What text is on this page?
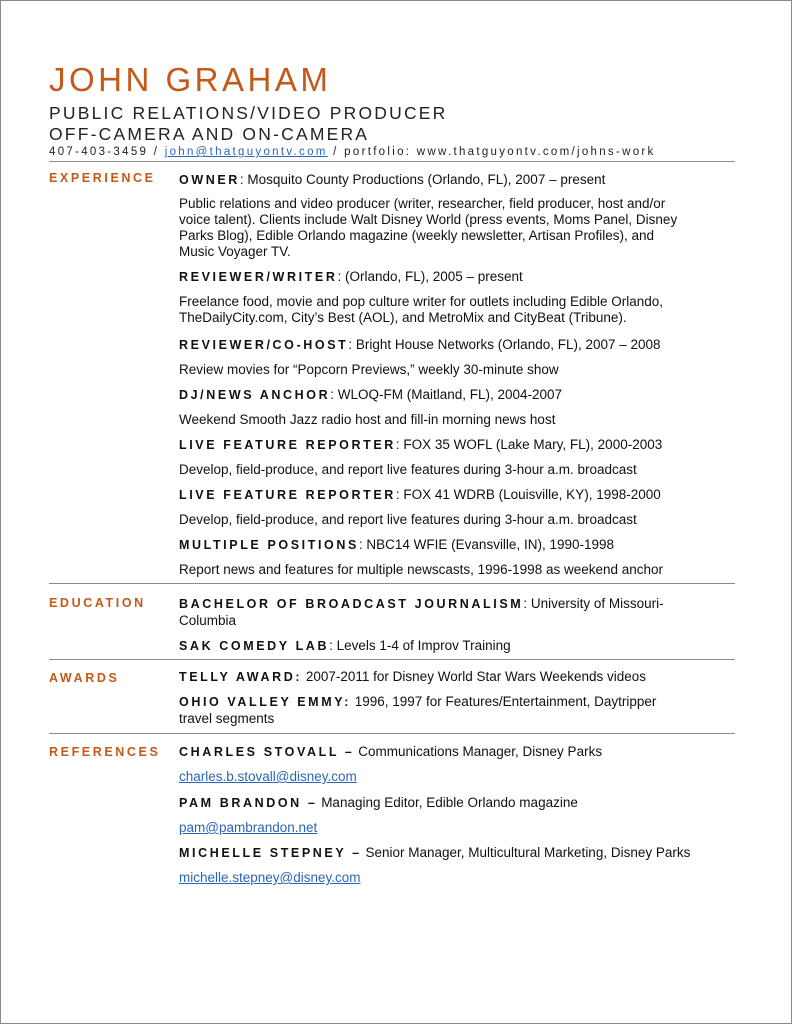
JOHN GRAHAM
PUBLIC RELATIONS/VIDEO PRODUCER
OFF-CAMERA AND ON-CAMERA
407-403-3459 / john@thatguyontv.com / portfolio: www.thatguyontv.com/johns-work
EXPERIENCE OWNER: Mosquito County Productions (Orlando, FL), 2007 – present
Public relations and video producer (writer, researcher, field producer, host and/or
voice talent). Clients include Walt Disney World (press events, Moms Panel, Disney
Parks Blog), Edible Orlando magazine (weekly newsletter, Artisan Profiles), and
Music Voyager TV.
REVIEWER/WRITER: (Orlando, FL), 2005 – present
Freelance food, movie and pop culture writer for outlets including Edible Orlando,
TheDailyCity.com, City’s Best (AOL), and MetroMix and CityBeat (Tribune).
REVIEWER/CO-HOST: Bright House Networks (Orlando, FL), 2007 – 2008
Review movies for “Popcorn Previews,” weekly 30-minute show
DJ/NEWS ANCHOR: WLOQ-FM (Maitland, FL), 2004-2007
Weekend Smooth Jazz radio host and fill-in morning news host
LIVE FEATURE REPORTER: FOX 35 WOFL (Lake Mary, FL), 2000-2003
Develop, field-produce, and report live features during 3-hour a.m. broadcast
LIVE FEATURE REPORTER: FOX 41 WDRB (Louisville, KY), 1998-2000
Develop, field-produce, and report live features during 3-hour a.m. broadcast
MULTIPLE POSITIONS: NBC14 WFIE (Evansville, IN), 1990-1998
Report news and features for multiple newscasts, 1996-1998 as weekend anchor
EDUCATION	BACHELOR OF BROADCAST JOURNALISM: University of Missouri-
Columbia
SAK COMEDY LAB: Levels 1-4 of Improv Training
AWARDS	TELLY AWARD: 2007-2011 for Disney World Star Wars Weekends videos
OHIO VALLEY EMMY: 1996, 1997 for Features/Entertainment, Daytripper
travel segments
REFERENCES CHARLES STOVALL – Communications Manager, Disney Parks
charles.b.stovall@disney.com
PAM BRANDON – Managing Editor, Edible Orlando magazine
pam@pambrandon.net
MICHELLE STEPNEY – Senior Manager, Multicultural Marketing, Disney Parks
michelle.stepney@disney.com
